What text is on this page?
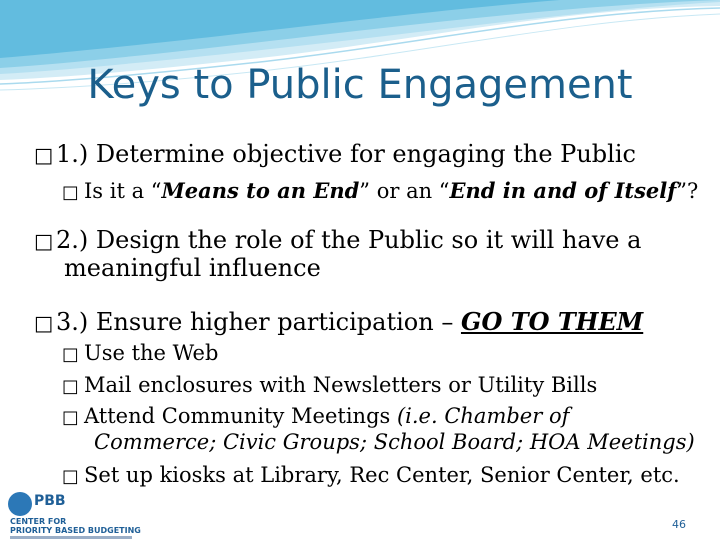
Keys to Public Engagement
□ 1.) Determine objective for engaging the Public
□ Is it a “Means to an End” or an “End in and of Itself”?
□ 2.) Design the role of the Public so it will have a
meaningful influence
□ 3.) Ensure higher participation – GO TO THEM
□ Use the Web
□ Mail enclosures with Newsletters or Utility Bills
□ Attend Community Meetings (i.e. Chamber of
Commerce; Civic Groups; School Board; HOA Meetings)
□ Set up kiosks at Library, Rec Center, Senior Center, etc.
PBB
CENTER FOR
PRIORITY BASED BUDGETING	46
